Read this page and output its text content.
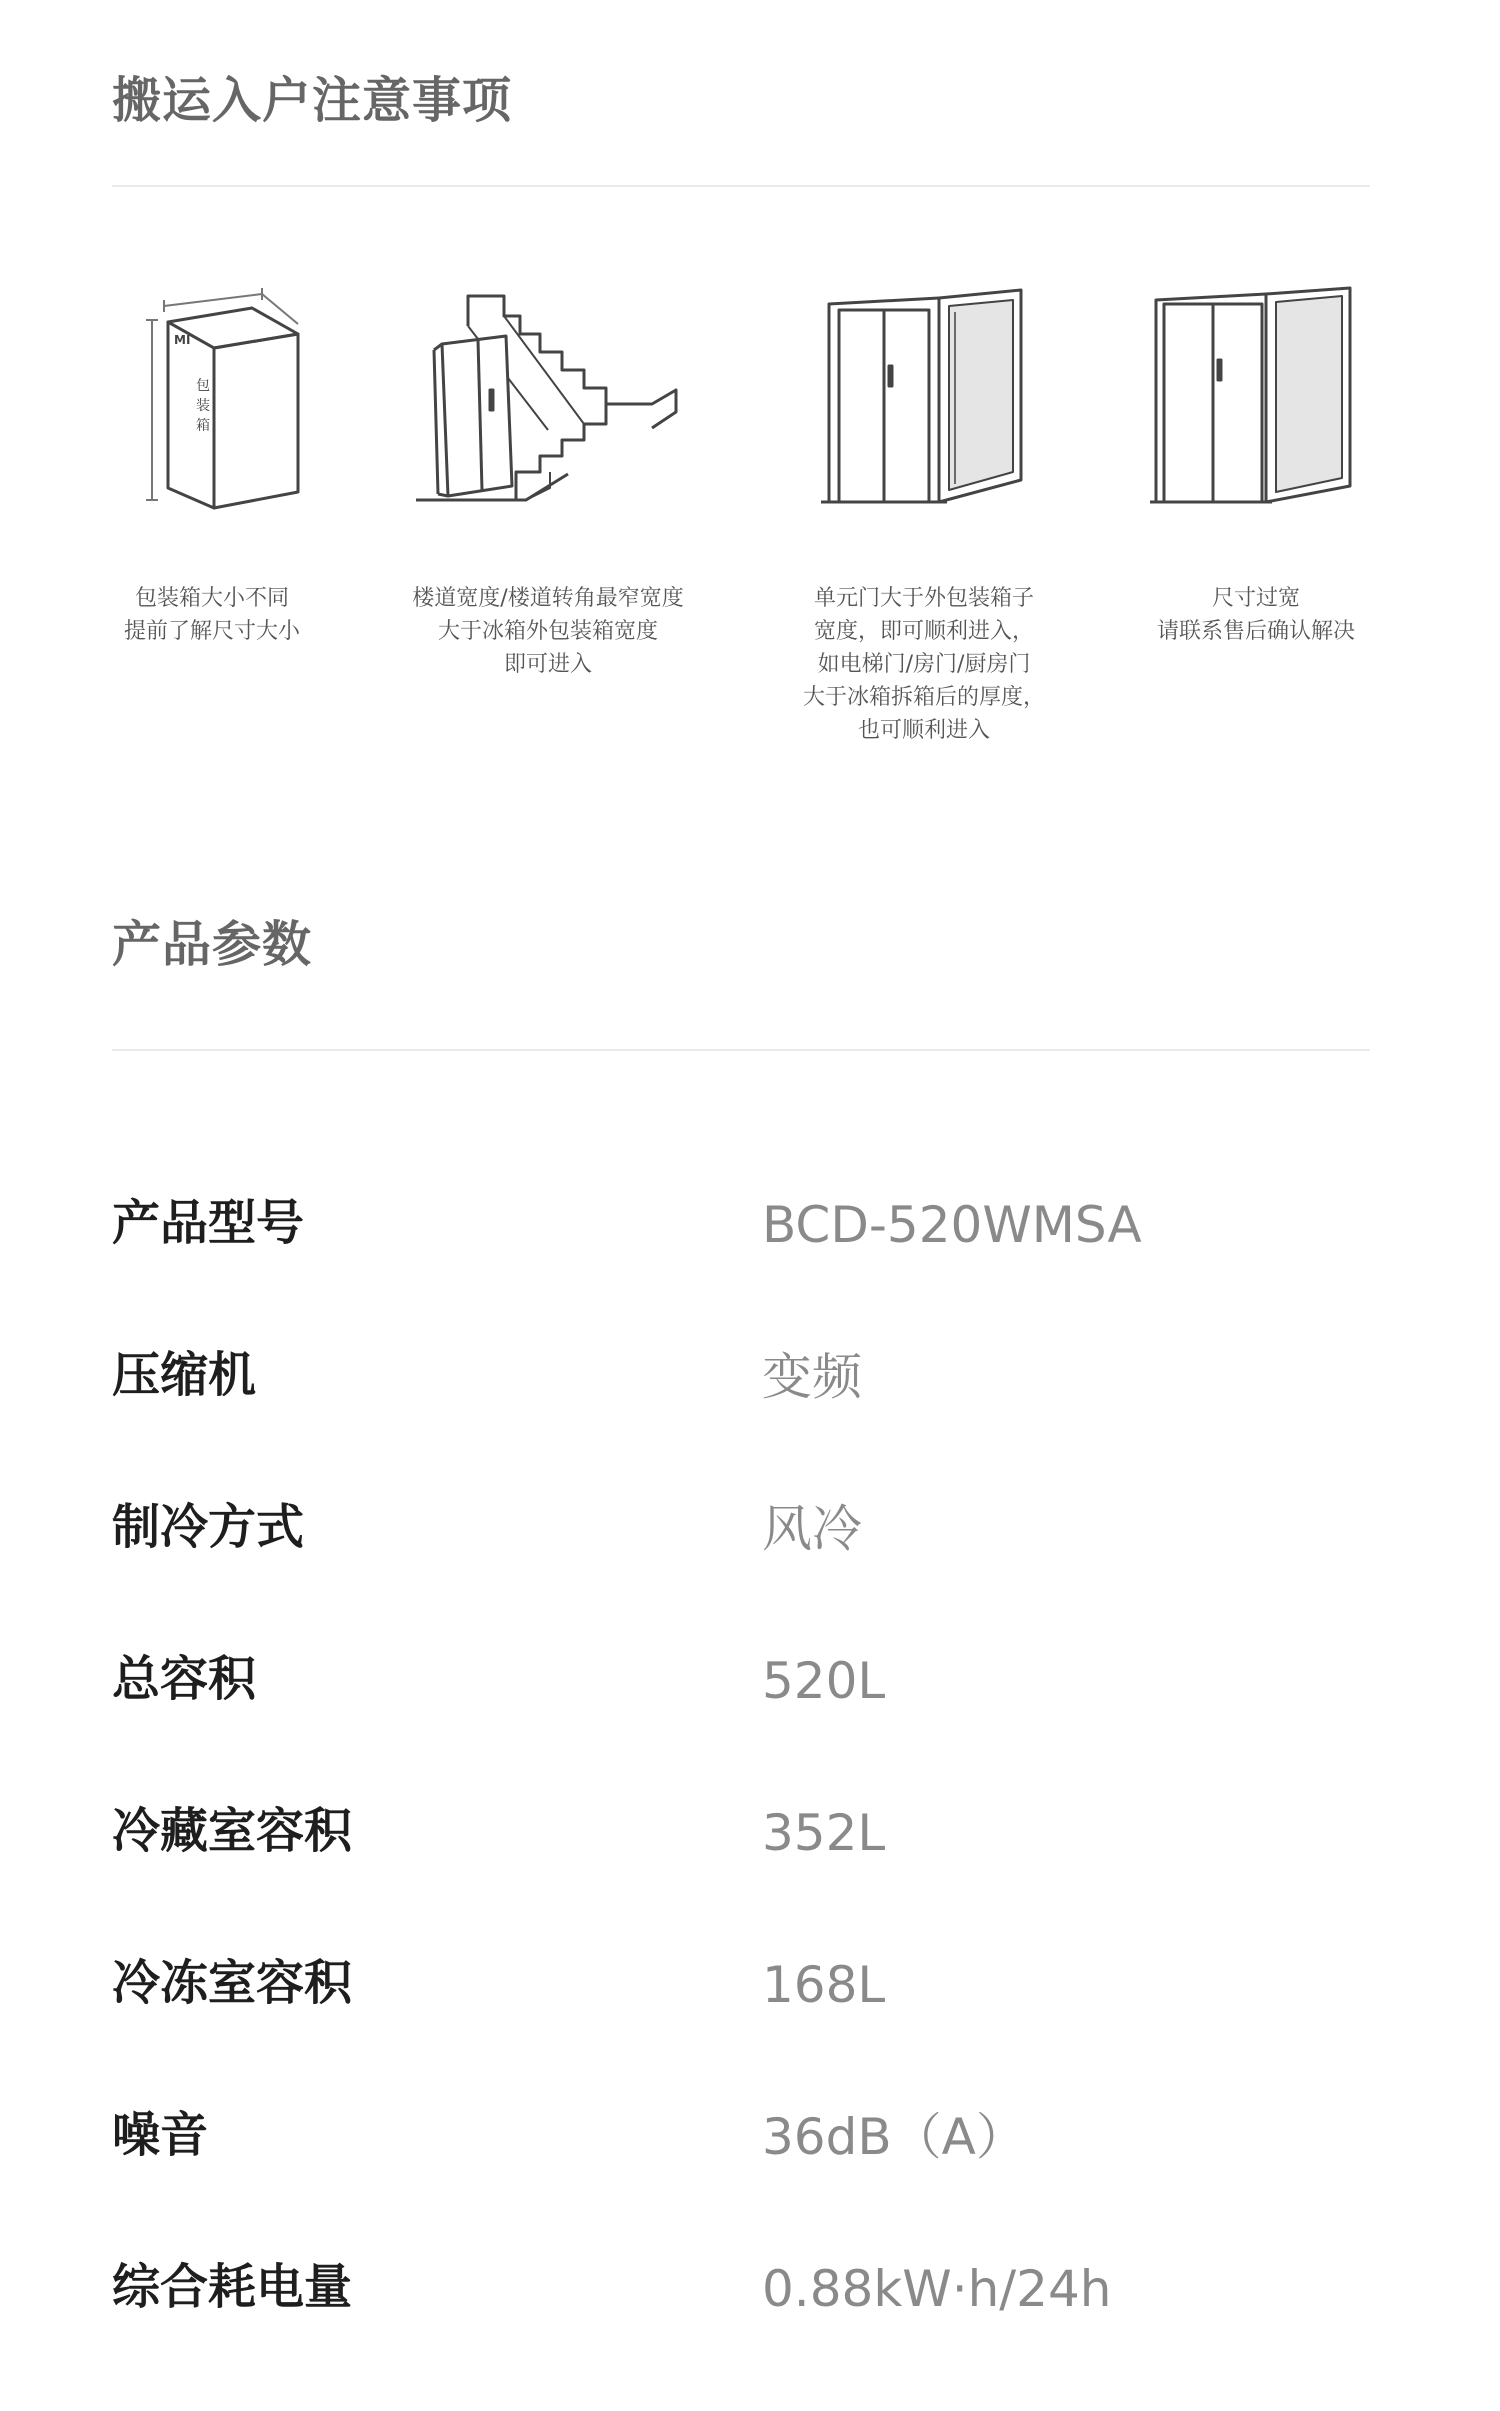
搬运入户注意事项
MI
包
装
箱
包装箱大小不同
提前了解尺寸大小
楼道宽度/楼道转角最窄宽度
大于冰箱外包装箱宽度
即可进入
单元门大于外包装箱子
宽度，即可顺利进入，
如电梯门/房门/厨房门
大于冰箱拆箱后的厚度，
也可顺利进入
尺寸过宽
请联系售后确认解决
产品参数
产品型号	BCD-520WMSA
压缩机	变频
制冷方式	风冷
总容积	520L
冷藏室容积	352L
冷冻室容积	168L
噪音	36dB（A）
综合耗电量	0.88kW·h/24h
